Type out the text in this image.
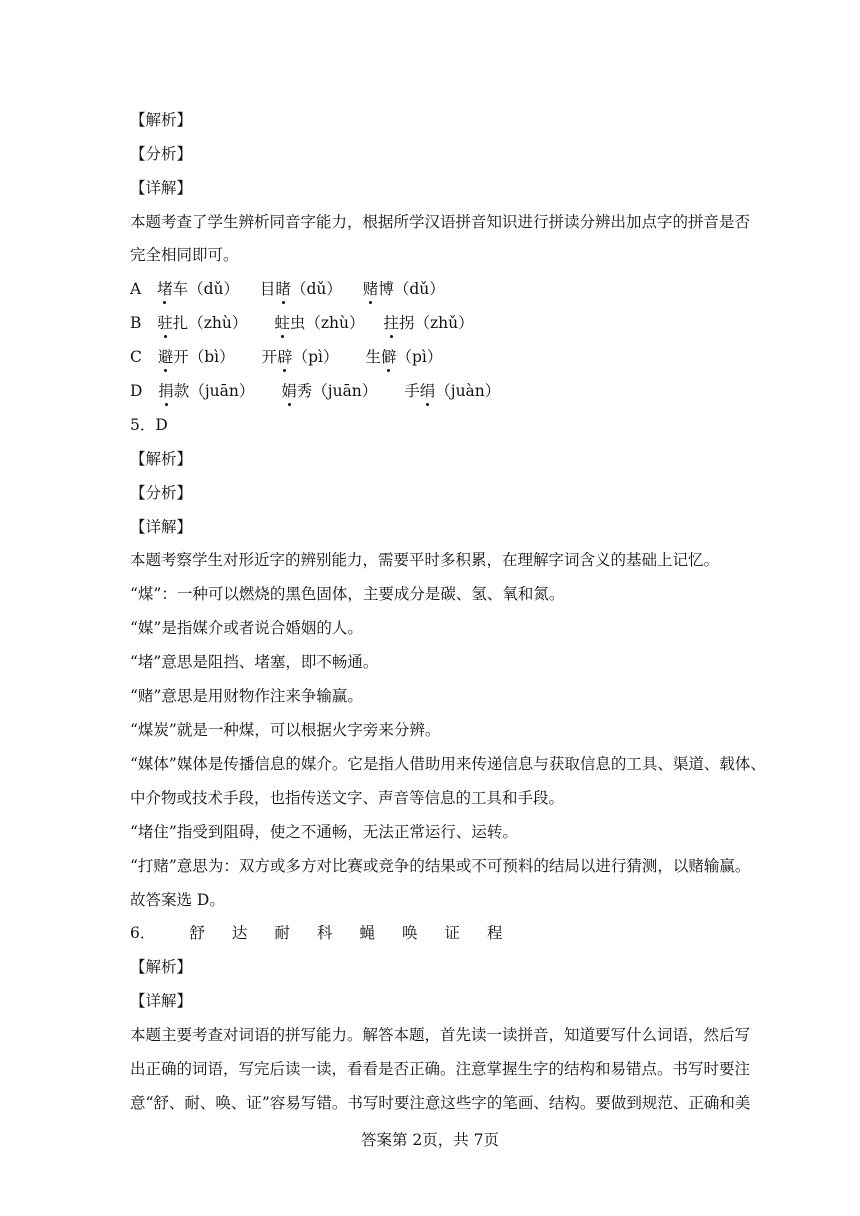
【解析】
【分析】
【详解】
本题考查了学生辨析同音字能力，根据所学汉语拼音知识进行拼读分辨出加点字的拼音是否
完全相同即可。
A 堵车（dǔ） 目睹（dǔ） 赌博（dǔ）
B 驻扎（zhù） 蛀虫（zhù） 拄拐（zhǔ）
C 避开（bì） 开辟（pì） 生僻（pì）
D 捐款（juān） 娟秀（juān） 手绢（juàn）
5．D
【解析】
【分析】
【详解】
本题考察学生对形近字的辨别能力，需要平时多积累，在理解字词含义的基础上记忆。
“煤”：一种可以燃烧的黑色固体，主要成分是碳、氢、氧和氮。
“媒”是指媒介或者说合婚姻的人。
“堵”意思是阻挡、堵塞，即不畅通。
“赌”意思是用财物作注来争输赢。
“煤炭”就是一种煤，可以根据火字旁来分辨。
“媒体”媒体是传播信息的媒介。它是指人借助用来传递信息与获取信息的工具、渠道、载体、
中介物或技术手段，也指传送文字、声音等信息的工具和手段。
“堵住”指受到阻碍，使之不通畅，无法正常运行、运转。
“打赌”意思为：双方或多方对比赛或竞争的结果或不可预料的结局以进行猜测，以赌输赢。
故答案选 D。
6． 舒 达 耐 科 蝇 唤 证 程
【解析】
【详解】
本题主要考查对词语的拼写能力。解答本题，首先读一读拼音，知道要写什么词语，然后写
出正确的词语，写完后读一读，看看是否正确。注意掌握生字的结构和易错点。书写时要注
意“舒、耐、唤、证”容易写错。书写时要注意这些字的笔画、结构。要做到规范、正确和美
答案第 2页，共 7页
